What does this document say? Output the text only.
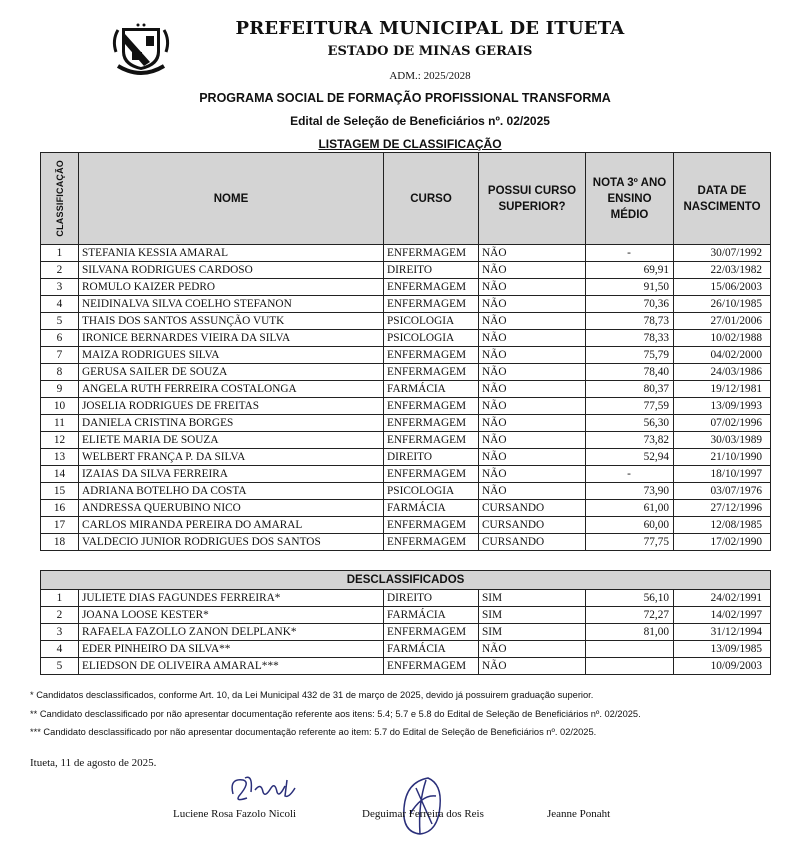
PREFEITURA MUNICIPAL DE ITUETA
ESTADO DE MINAS GERAIS
ADM.: 2025/2028
PROGRAMA SOCIAL DE FORMAÇÃO PROFISSIONAL TRANSFORMA
Edital de Seleção de Beneficiários nº. 02/2025
LISTAGEM DE CLASSIFICAÇÃO
CLASSIFICAÇÃO	NOME	CURSO	POSSUI CURSO SUPERIOR?	NOTA 3º ANO ENSINO MÉDIO	DATA DE NASCIMENTO
1	STEFANIA KESSIA AMARAL	ENFERMAGEM	NÃO	-	30/07/1992
2	SILVANA RODRIGUES CARDOSO	DIREITO	NÃO	69,91	22/03/1982
3	ROMULO KAIZER PEDRO	ENFERMAGEM	NÃO	91,50	15/06/2003
4	NEIDINALVA SILVA COELHO STEFANON	ENFERMAGEM	NÃO	70,36	26/10/1985
5	THAIS DOS SANTOS ASSUNÇÃO VUTK	PSICOLOGIA	NÃO	78,73	27/01/2006
6	IRONICE BERNARDES VIEIRA DA SILVA	PSICOLOGIA	NÃO	78,33	10/02/1988
7	MAIZA RODRIGUES SILVA	ENFERMAGEM	NÃO	75,79	04/02/2000
8	GERUSA SAILER DE SOUZA	ENFERMAGEM	NÃO	78,40	24/03/1986
9	ANGELA RUTH FERREIRA COSTALONGA	FARMÁCIA	NÃO	80,37	19/12/1981
10	JOSELIA RODRIGUES DE FREITAS	ENFERMAGEM	NÃO	77,59	13/09/1993
11	DANIELA CRISTINA BORGES	ENFERMAGEM	NÃO	56,30	07/02/1996
12	ELIETE MARIA DE SOUZA	ENFERMAGEM	NÃO	73,82	30/03/1989
13	WELBERT FRANÇA P. DA SILVA	DIREITO	NÃO	52,94	21/10/1990
14	IZAIAS DA SILVA FERREIRA	ENFERMAGEM	NÃO	-	18/10/1997
15	ADRIANA BOTELHO DA COSTA	PSICOLOGIA	NÃO	73,90	03/07/1976
16	ANDRESSA QUERUBINO NICO	FARMÁCIA	CURSANDO	61,00	27/12/1996
17	CARLOS MIRANDA PEREIRA DO AMARAL	ENFERMAGEM	CURSANDO	60,00	12/08/1985
18	VALDECIO JUNIOR RODRIGUES DOS SANTOS	ENFERMAGEM	CURSANDO	77,75	17/02/1990
DESCLASSIFICADOS					
1	JULIETE DIAS FAGUNDES FERREIRA*	DIREITO	SIM	56,10	24/02/1991
2	JOANA LOOSE KESTER*	FARMÁCIA	SIM	72,27	14/02/1997
3	RAFAELA FAZOLLO ZANON DELPLANK*	ENFERMAGEM	SIM	81,00	31/12/1994
4	EDER PINHEIRO DA SILVA**	FARMÁCIA	NÃO		13/09/1985
5	ELIEDSON DE OLIVEIRA AMARAL***	ENFERMAGEM	NÃO		10/09/2003
* Candidatos desclassificados, conforme Art. 10, da Lei Municipal 432 de 31 de março de 2025, devido já possuirem graduação superior.
** Candidato desclassificado por não apresentar documentação referente aos itens: 5.4; 5.7 e 5.8 do Edital de Seleção de Beneficiários nº. 02/2025.
*** Candidato desclassificado por não apresentar documentação referente ao item: 5.7 do Edital de Seleção de Beneficiários nº. 02/2025.
Itueta, 11 de agosto de 2025.
Luciene Rosa Fazolo Nicoli	Deguimar Ferreira dos Reis	Jeanne Ponaht
